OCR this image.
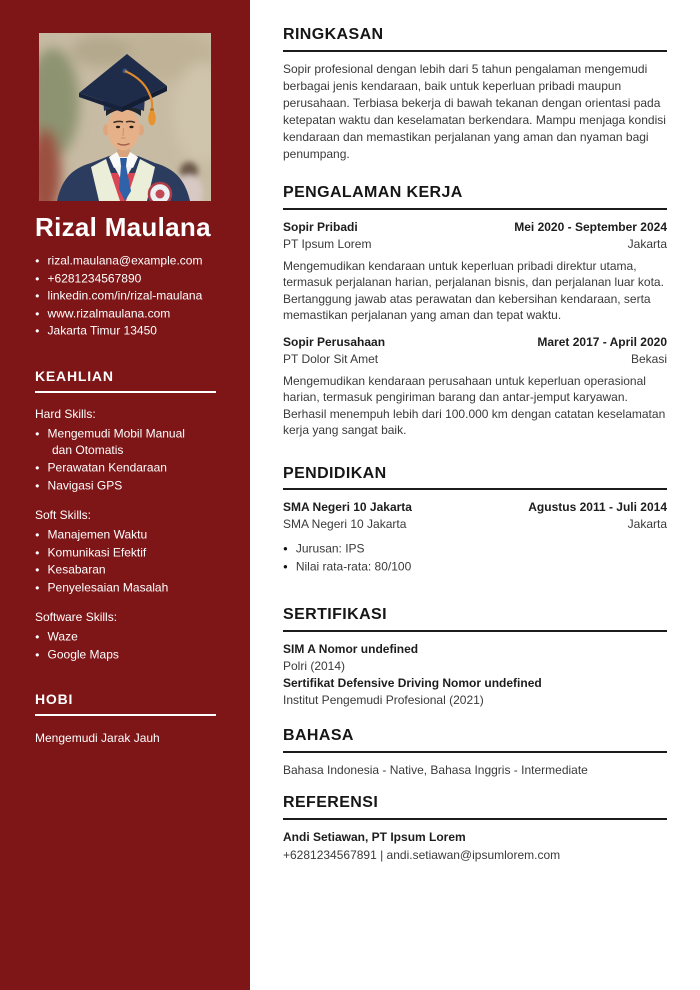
Rizal Maulana
● rizal.maulana@example.com
● +6281234567890
● linkedin.com/in/rizal-maulana
● www.rizalmaulana.com
● Jakarta Timur 13450
KEAHLIAN
Hard Skills:
● Mengemudi Mobil Manual dan Otomatis
● Perawatan Kendaraan
● Navigasi GPS
Soft Skills:
● Manajemen Waktu
● Komunikasi Efektif
● Kesabaran
● Penyelesaian Masalah
Software Skills:
● Waze
● Google Maps
HOBI
Mengemudi Jarak Jauh
RINGKASAN

Sopir profesional dengan lebih dari 5 tahun pengalaman mengemudi berbagai jenis kendaraan, baik untuk keperluan pribadi maupun perusahaan. Terbiasa bekerja di bawah tekanan dengan orientasi pada ketepatan waktu dan keselamatan berkendara. Mampu menjaga kondisi kendaraan dan memastikan perjalanan yang aman dan nyaman bagi penumpang.

PENGALAMAN KERJA
Sopir Pribadi	Mei 2020 - September 2024
PT Ipsum Lorem	Jakarta

Mengemudikan kendaraan untuk keperluan pribadi direktur utama, termasuk perjalanan harian, perjalanan bisnis, dan perjalanan luar kota. Bertanggung jawab atas perawatan dan kebersihan kendaraan, serta memastikan perjalanan yang aman dan tepat waktu.

Sopir Perusahaan	Maret 2017 - April 2020
PT Dolor Sit Amet	Bekasi

Mengemudikan kendaraan perusahaan untuk keperluan operasional harian, termasuk pengiriman barang dan antar-jemput karyawan. Berhasil menempuh lebih dari 100.000 km dengan catatan keselamatan kerja yang sangat baik.

PENDIDIKAN
SMA Negeri 10 Jakarta	Agustus 2011 - Juli 2014
SMA Negeri 10 Jakarta	Jakarta
● Jurusan: IPS
● Nilai rata-rata: 80/100
SERTIFIKASI
SIM A Nomor undefined
Polri (2014)
Sertifikat Defensive Driving Nomor undefined
Institut Pengemudi Profesional (2021)
BAHASA

Bahasa Indonesia - Native, Bahasa Inggris - Intermediate

REFERENSI
Andi Setiawan, PT Ipsum Lorem
+6281234567891 | andi.setiawan@ipsumlorem.com
